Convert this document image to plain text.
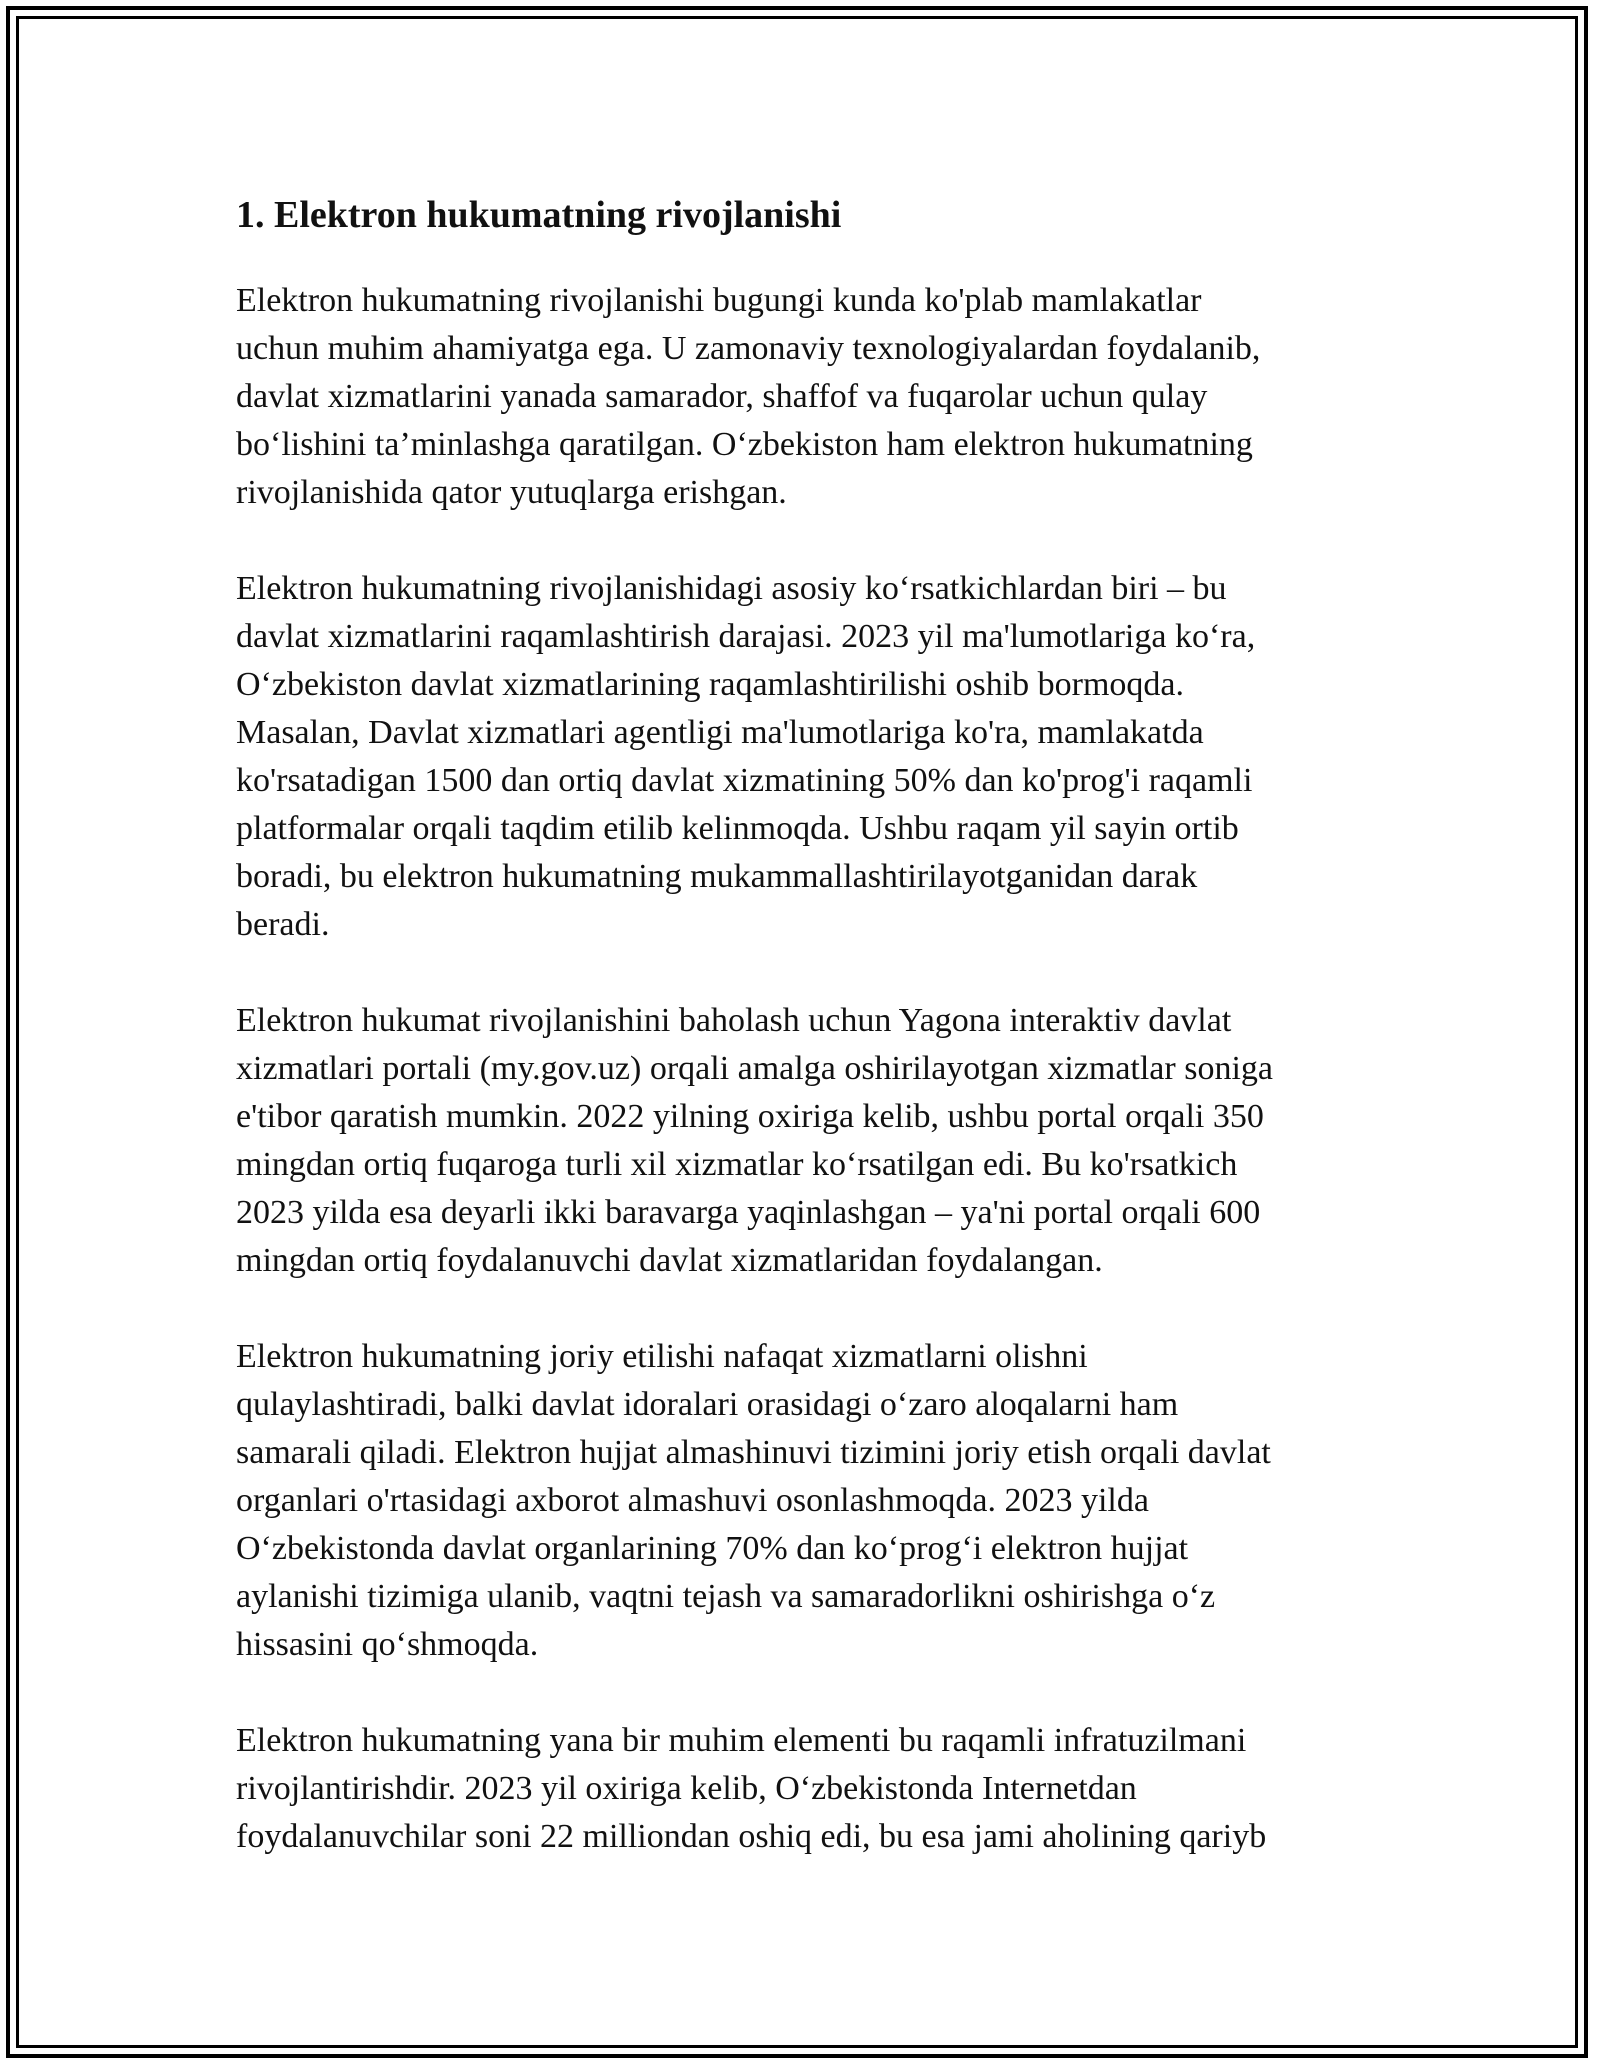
1. Elektron hukumatning rivojlanishi

Elektron hukumatning rivojlanishi bugungi kunda ko'plab mamlakatlar
uchun muhim ahamiyatga ega. U zamonaviy texnologiyalardan foydalanib,
davlat xizmatlarini yanada samarador, shaffof va fuqarolar uchun qulay
bo‘lishini ta’minlashga qaratilgan. O‘zbekiston ham elektron hukumatning
rivojlanishida qator yutuqlarga erishgan.

Elektron hukumatning rivojlanishidagi asosiy ko‘rsatkichlardan biri – bu
davlat xizmatlarini raqamlashtirish darajasi. 2023 yil ma'lumotlariga ko‘ra,
O‘zbekiston davlat xizmatlarining raqamlashtirilishi oshib bormoqda.
Masalan, Davlat xizmatlari agentligi ma'lumotlariga ko'ra, mamlakatda
ko'rsatadigan 1500 dan ortiq davlat xizmatining 50% dan ko'prog'i raqamli
platformalar orqali taqdim etilib kelinmoqda. Ushbu raqam yil sayin ortib
boradi, bu elektron hukumatning mukammallashtirilayotganidan darak
beradi.

Elektron hukumat rivojlanishini baholash uchun Yagona interaktiv davlat
xizmatlari portali (my.gov.uz) orqali amalga oshirilayotgan xizmatlar soniga
e'tibor qaratish mumkin. 2022 yilning oxiriga kelib, ushbu portal orqali 350
mingdan ortiq fuqaroga turli xil xizmatlar ko‘rsatilgan edi. Bu ko'rsatkich
2023 yilda esa deyarli ikki baravarga yaqinlashgan – ya'ni portal orqali 600
mingdan ortiq foydalanuvchi davlat xizmatlaridan foydalangan.

Elektron hukumatning joriy etilishi nafaqat xizmatlarni olishni
qulaylashtiradi, balki davlat idoralari orasidagi o‘zaro aloqalarni ham
samarali qiladi. Elektron hujjat almashinuvi tizimini joriy etish orqali davlat
organlari o'rtasidagi axborot almashuvi osonlashmoqda. 2023 yilda
O‘zbekistonda davlat organlarining 70% dan ko‘prog‘i elektron hujjat
aylanishi tizimiga ulanib, vaqtni tejash va samaradorlikni oshirishga o‘z
hissasini qo‘shmoqda.

Elektron hukumatning yana bir muhim elementi bu raqamli infratuzilmani
rivojlantirishdir. 2023 yil oxiriga kelib, O‘zbekistonda Internetdan
foydalanuvchilar soni 22 milliondan oshiq edi, bu esa jami aholining qariyb
